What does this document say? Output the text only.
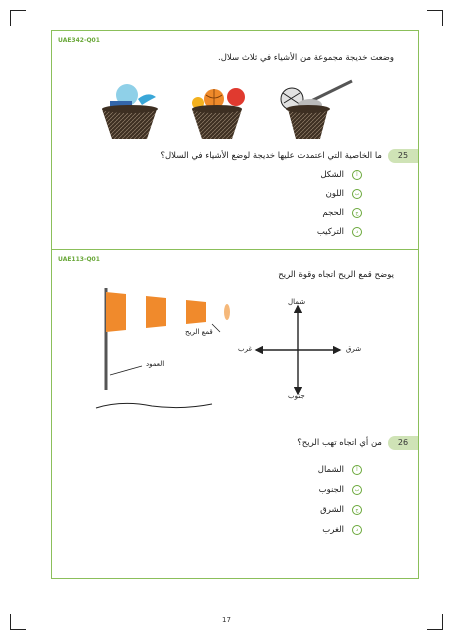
UAE342-Q01
وضعت خديجة مجموعة من الأشياء في ثلاث سلال.
25
ما الخاصية التي اعتمدت عليها خديجة لوضع الأشياء في السلال؟
أ
الشكل
ب
اللون
ج
الحجم
د
التركيب
UAE113-Q01
يوضح قمع الريح اتجاه وقوة الريح
قمع الريح
العمود
شمال
جنوب
شرق
غرب
26
من أي اتجاه تهب الريح؟
أ
الشمال
ب
الجنوب
ج
الشرق
د
الغرب
17
